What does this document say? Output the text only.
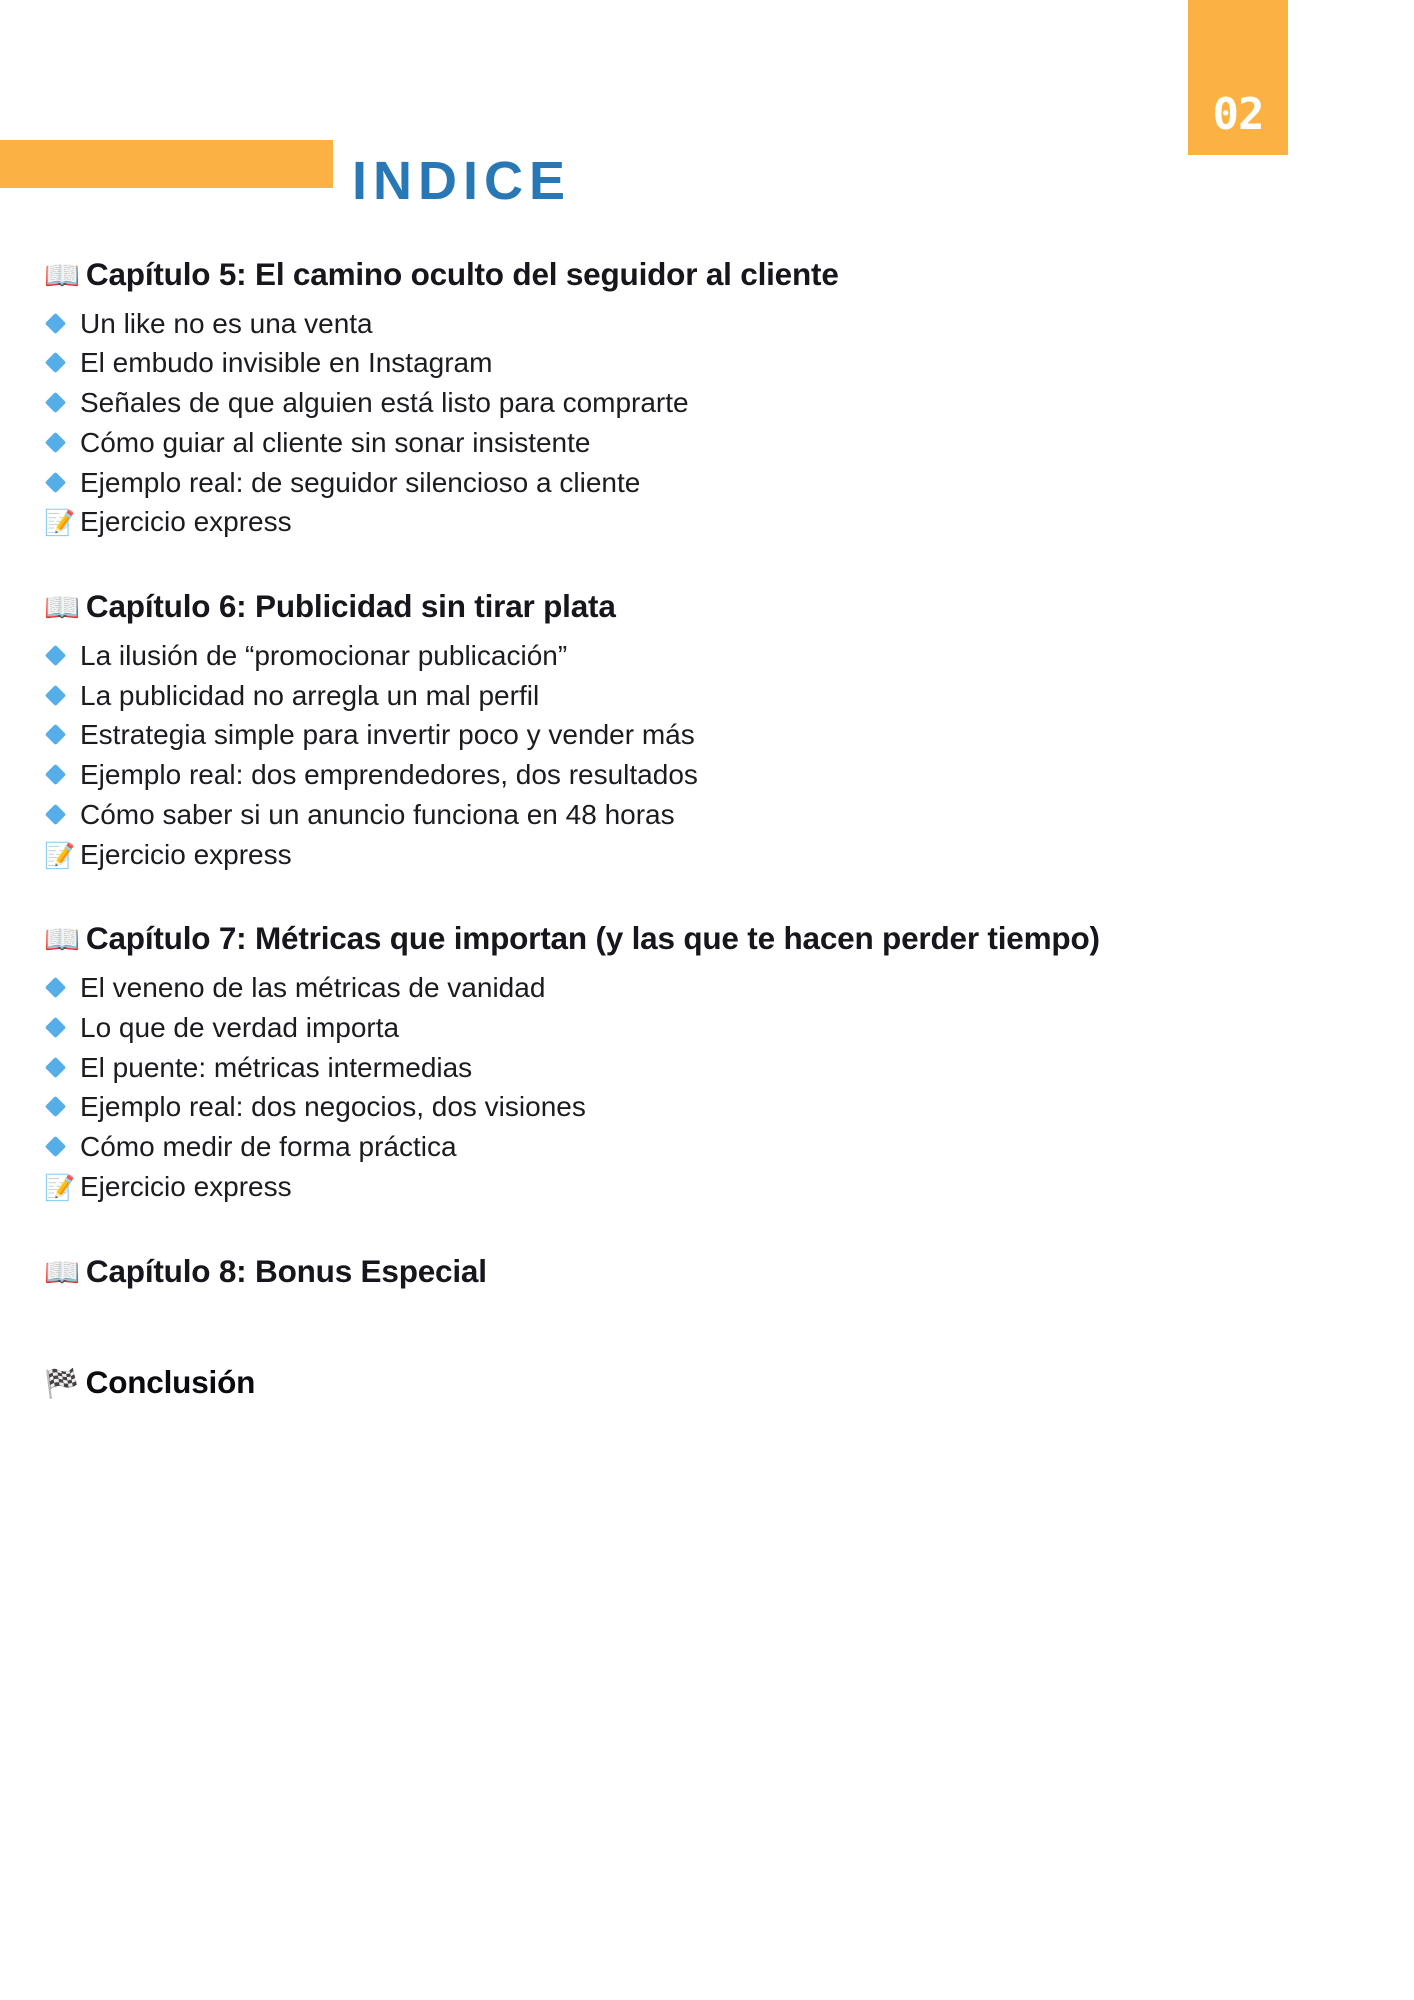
02
INDICE
📖 Capítulo 5: El camino oculto del seguidor al cliente
Un like no es una venta
El embudo invisible en Instagram
Señales de que alguien está listo para comprarte
Cómo guiar al cliente sin sonar insistente
Ejemplo real: de seguidor silencioso a cliente
📝 Ejercicio express
📖 Capítulo 6: Publicidad sin tirar plata
La ilusión de “promocionar publicación”
La publicidad no arregla un mal perfil
Estrategia simple para invertir poco y vender más
Ejemplo real: dos emprendedores, dos resultados
Cómo saber si un anuncio funciona en 48 horas
📝 Ejercicio express
📖 Capítulo 7: Métricas que importan (y las que te hacen perder tiempo)
El veneno de las métricas de vanidad
Lo que de verdad importa
El puente: métricas intermedias
Ejemplo real: dos negocios, dos visiones
Cómo medir de forma práctica
📝 Ejercicio express
📖 Capítulo 8: Bonus Especial
🏁 Conclusión
